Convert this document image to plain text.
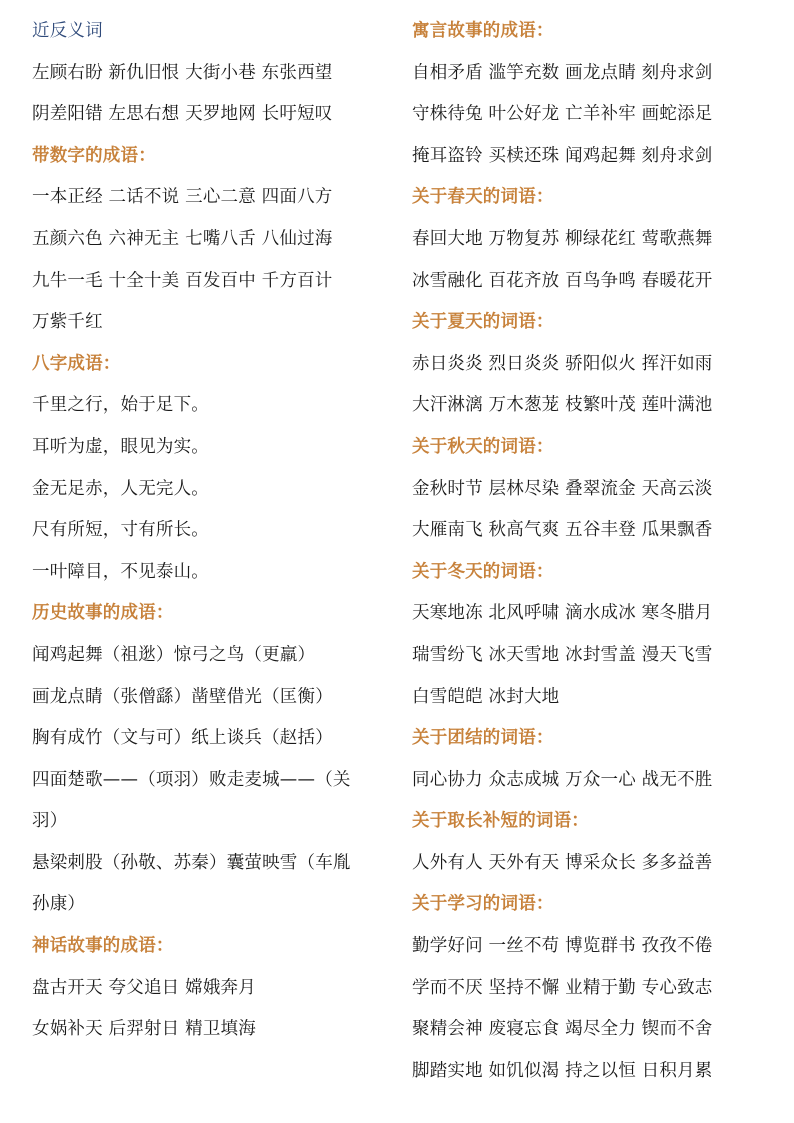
近反义词
左顾右盼 新仇旧恨 大街小巷 东张西望
阴差阳错 左思右想 天罗地网 长吁短叹
带数字的成语：
一本正经 二话不说 三心二意 四面八方
五颜六色 六神无主 七嘴八舌 八仙过海
九牛一毛 十全十美 百发百中 千方百计
万紫千红
八字成语：
千里之行，始于足下。
耳听为虚，眼见为实。
金无足赤，人无完人。
尺有所短，寸有所长。
一叶障目，不见泰山。
历史故事的成语：
闻鸡起舞（祖逖）惊弓之鸟（更羸）
画龙点睛（张僧繇）凿壁借光（匡衡）
胸有成竹（文与可）纸上谈兵（赵括）
四面楚歌——（项羽）败走麦城——（关
羽）
悬梁刺股（孙敬、苏秦）囊萤映雪（车胤
孙康）
神话故事的成语：
盘古开天 夸父追日 嫦娥奔月
女娲补天 后羿射日 精卫填海
寓言故事的成语：
自相矛盾 滥竽充数 画龙点睛 刻舟求剑
守株待兔 叶公好龙 亡羊补牢 画蛇添足
掩耳盗铃 买椟还珠 闻鸡起舞 刻舟求剑
关于春天的词语：
春回大地 万物复苏 柳绿花红 莺歌燕舞
冰雪融化 百花齐放 百鸟争鸣 春暖花开
关于夏天的词语：
赤日炎炎 烈日炎炎 骄阳似火 挥汗如雨
大汗淋漓 万木葱茏 枝繁叶茂 莲叶满池
关于秋天的词语：
金秋时节 层林尽染 叠翠流金 天高云淡
大雁南飞 秋高气爽 五谷丰登 瓜果飘香
关于冬天的词语：
天寒地冻 北风呼啸 滴水成冰 寒冬腊月
瑞雪纷飞 冰天雪地 冰封雪盖 漫天飞雪
白雪皑皑 冰封大地
关于团结的词语：
同心协力 众志成城 万众一心 战无不胜
关于取长补短的词语：
人外有人 天外有天 博采众长 多多益善
关于学习的词语：
勤学好问 一丝不苟 博览群书 孜孜不倦
学而不厌 坚持不懈 业精于勤 专心致志
聚精会神 废寝忘食 竭尽全力 锲而不舍
脚踏实地 如饥似渴 持之以恒 日积月累
